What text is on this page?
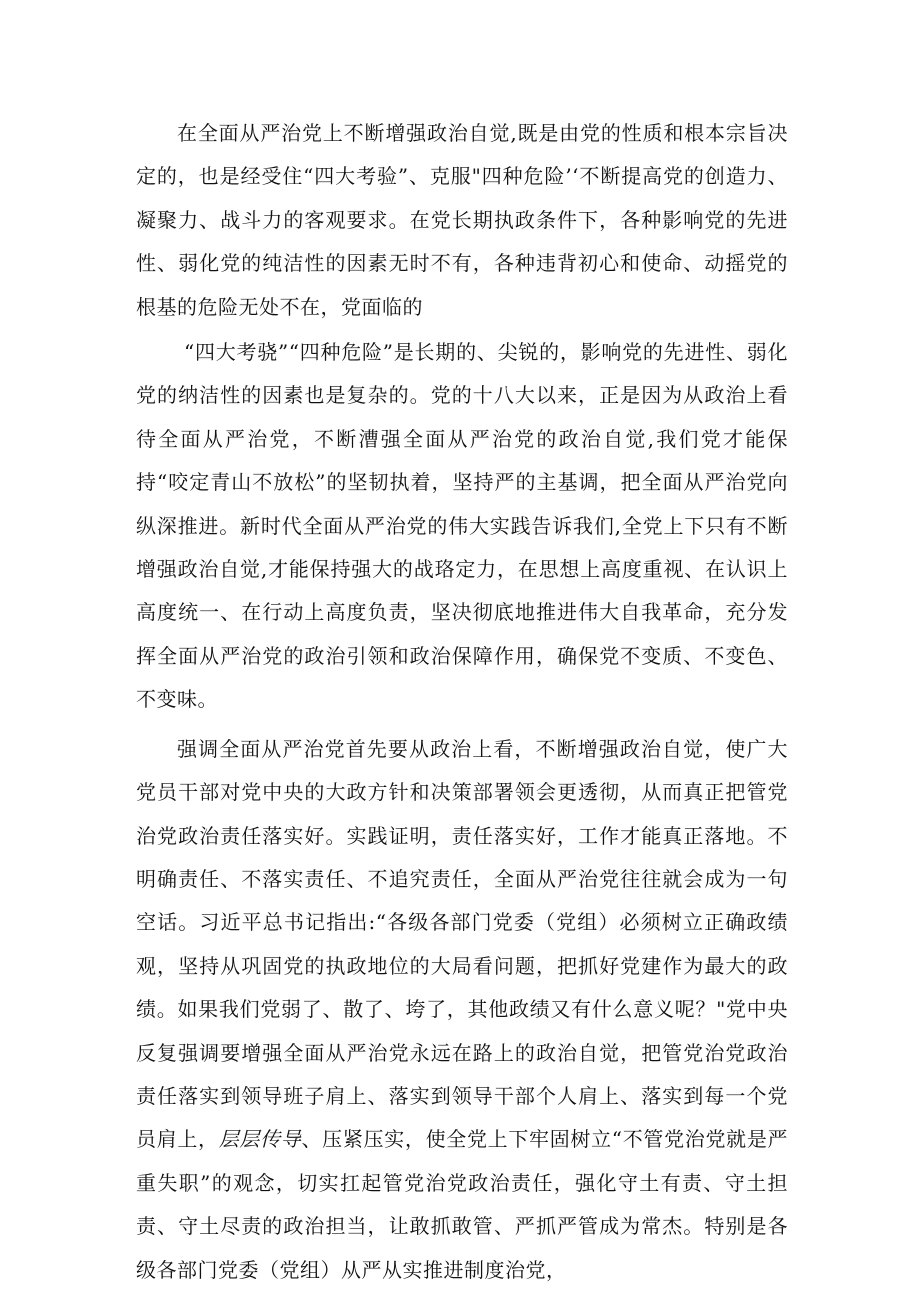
在全面从严治党上不断增强政治自觉,既是由党的性质和根本宗旨决定的，也是经受住“四大考验”、克服"四种危险’‘不断提高党的创造力、凝聚力、战斗力的客观要求。在党长期执政条件下，各种影响党的先进性、弱化党的纯洁性的因素无时不有，各种违背初心和使命、动摇党的根基的危险无处不在，党面临的

“四大考骁”“四种危险”是长期的、尖锐的，影响党的先进性、弱化党的纳洁性的因素也是复杂的。党的十八大以来，正是因为从政治上看待全面从严治党，不断漕强全面从严治党的政治自觉,我们党才能保持“咬定青山不放松”的坚韧执着，坚持严的主基调，把全面从严治党向纵深推进。新时代全面从严治党的伟大实践告诉我们,全党上下只有不断增强政治自觉,才能保持强大的战珞定力，在思想上高度重视、在认识上高度统一、在行动上高度负责，坚决彻底地推进伟大自我革命，充分发挥全面从严治党的政治引领和政治保障作用，确保党不变质、不变色、不变味。

强调全面从严治党首先要从政治上看，不断增强政治自觉，使广大党员干部对党中央的大政方针和决策部署领会更透彻，从而真正把管党治党政治责任落实好。实践证明，责任落实好，工作才能真正落地。不明确责任、不落实责任、不追究责任，全面从严治党往往就会成为一句空话。习近平总书记指出:“各级各部门党委（党组）必须树立正确政绩观，坚持从巩固党的执政地位的大局看问题，把抓好党建作为最大的政绩。如果我们党弱了、散了、垮了，其他政绩又有什么意义呢？"党中央反复强调要增强全面从严治党永远在路上的政治自觉，把管党治党政治责任落实到领导班子肩上、落实到领导干部个人肩上、落实到每一个党员肩上，层层传导、压紧压实，使全党上下牢固树立“不管党治党就是严重失职”的观念，切实扛起管党治党政治责任，强化守土有责、守土担责、守土尽责的政治担当，让敢抓敢管、严抓严管成为常杰。特别是各级各部门党委（党组）从严从实推进制度治党，
